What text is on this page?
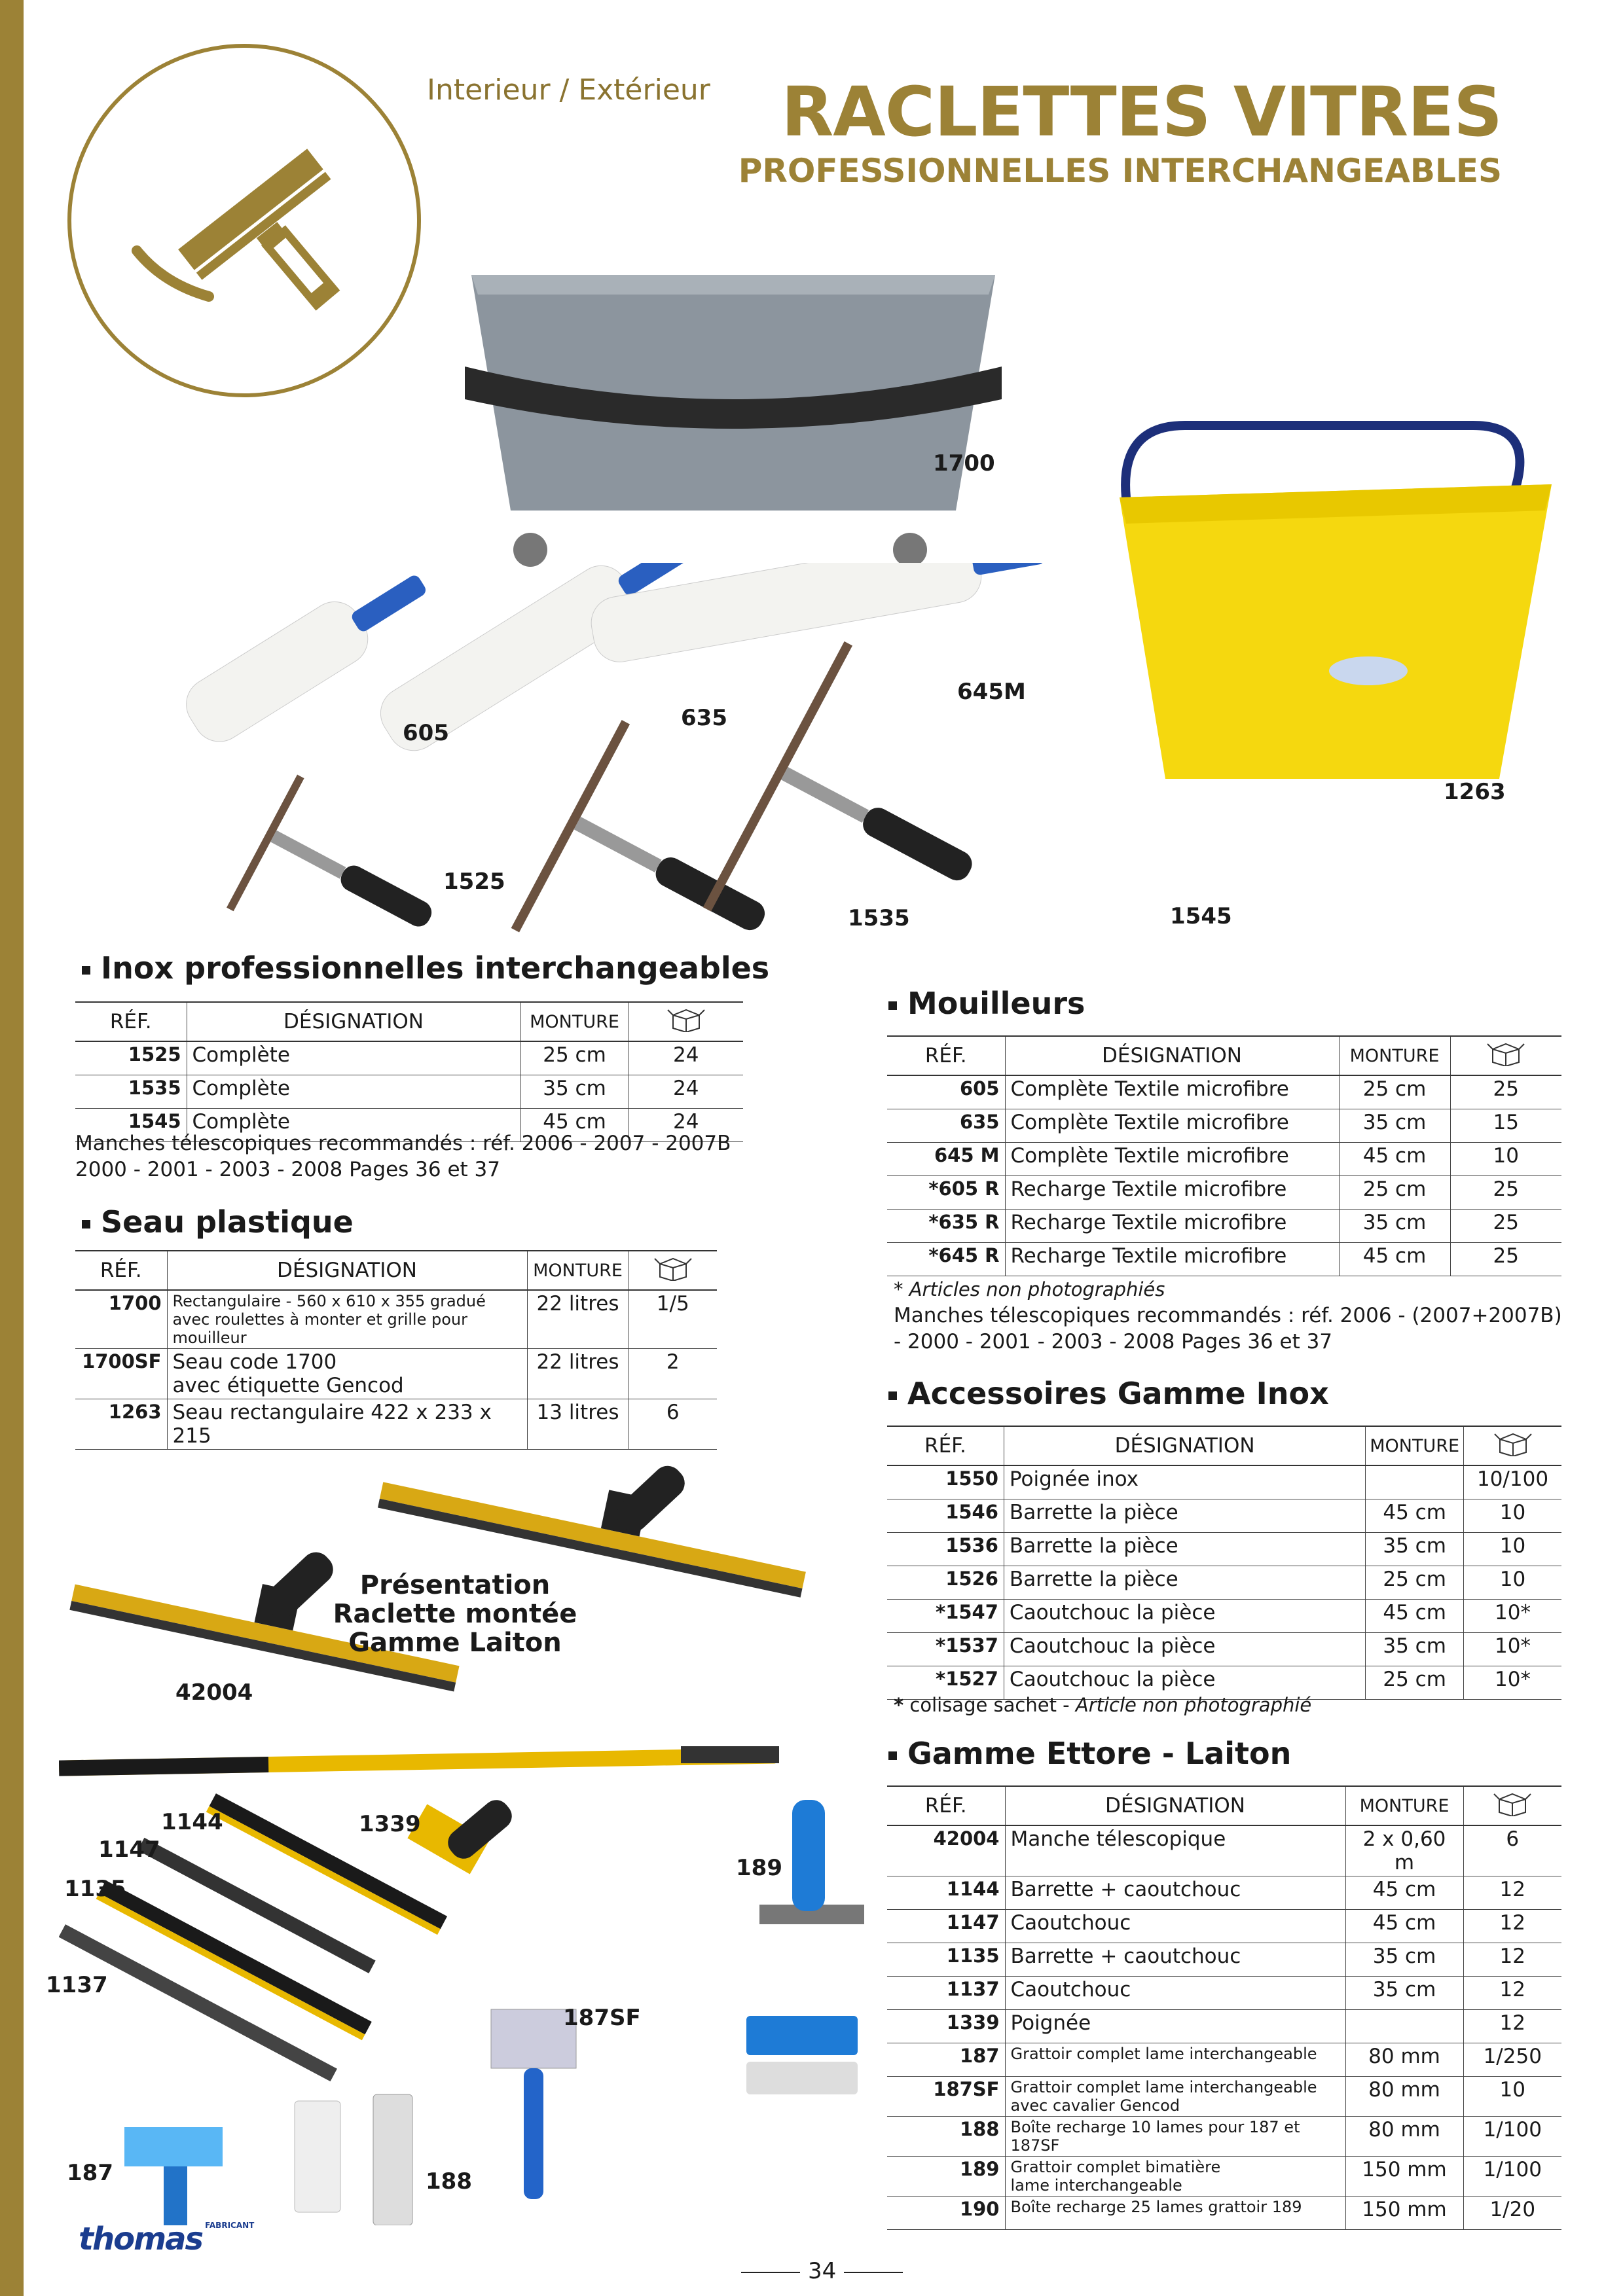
Interieur / Extérieur RACLETTES VITRES
PROFESSIONNELLES INTERCHANGEABLES
1700
1263
605
635
645M
1525
1535	1545
42004
Présentation
Raclette montée
Gamme Laiton
1144
1147
1135
1137
1339
189
187SF
187	188
Inox professionnelles interchangeables
RÉF.	DÉSIGNATION	MONTURE	
1525	Complète	25 cm	24
1535	Complète	35 cm	24
1545	Complète	45 cm	24
Manches télescopiques recommandés : réf. 2006 - 2007 - 2007B
2000 - 2001 - 2003 - 2008 Pages 36 et 37
Seau plastique
RÉF.	DÉSIGNATION	MONTURE	
1700	Rectangulaire - 560 x 610 x 355 gradué
avec roulettes à monter et grille pour mouilleur	22 litres	1/5
1700SF	Seau code 1700
avec étiquette Gencod	22 litres	2
1263	Seau rectangulaire 422 x 233 x 215	13 litres	6
Mouilleurs
RÉF.	DÉSIGNATION	MONTURE	
605	Complète Textile microfibre	25 cm	25
635	Complète Textile microfibre	35 cm	15
645 M	Complète Textile microfibre	45 cm	10
*605 R	Recharge Textile microfibre	25 cm	25
*635 R	Recharge Textile microfibre	35 cm	25
*645 R	Recharge Textile microfibre	45 cm	25
* Articles non photographiés
Manches télescopiques recommandés : réf. 2006 - (2007+2007B)
- 2000 - 2001 - 2003 - 2008 Pages 36 et 37
Accessoires Gamme Inox
RÉF.	DÉSIGNATION	MONTURE	
1550	Poignée inox		10/100
1546	Barrette la pièce	45 cm	10
1536	Barrette la pièce	35 cm	10
1526	Barrette la pièce	25 cm	10
*1547	Caoutchouc la pièce	45 cm	10*
*1537	Caoutchouc la pièce	35 cm	10*
*1527	Caoutchouc la pièce	25 cm	10*
* colisage sachet - Article non photographié
Gamme Ettore - Laiton
RÉF.	DÉSIGNATION	MONTURE	
42004	Manche télescopique	2 x 0,60 m	6
1144	Barrette + caoutchouc	45 cm	12
1147	Caoutchouc	45 cm	12
1135	Barrette + caoutchouc	35 cm	12
1137	Caoutchouc	35 cm	12
1339	Poignée		12
187	Grattoir complet lame interchangeable	80 mm	1/250
187SF	Grattoir complet lame interchangeable
avec cavalier Gencod	80 mm	10
188	Boîte recharge 10 lames pour 187 et 187SF	80 mm	1/100
189	Grattoir complet bimatière
lame interchangeable	150 mm	1/100
190	Boîte recharge 25 lames grattoir 189	150 mm	1/20
thomas $^{FABRICANT}$
34
